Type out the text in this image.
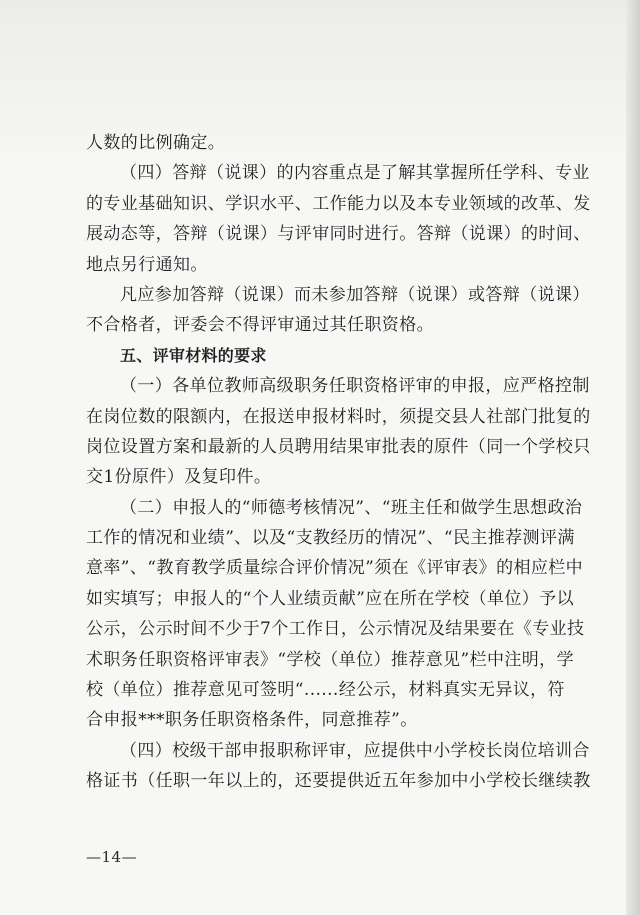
人数的比例确定。
（四）答辩（说课）的内容重点是了解其掌握所任学科、专业
的专业基础知识、学识水平、工作能力以及本专业领域的改革、发
展动态等，答辩（说课）与评审同时进行。答辩（说课）的时间、
地点另行通知。
凡应参加答辩（说课）而未参加答辩（说课）或答辩（说课）
不合格者，评委会不得评审通过其任职资格。
五、评审材料的要求
（一）各单位教师高级职务任职资格评审的申报，应严格控制
在岗位数的限额内，在报送申报材料时，须提交县人社部门批复的
岗位设置方案和最新的人员聘用结果审批表的原件（同一个学校只
交1份原件）及复印件。
（二）申报人的“师德考核情况”、“班主任和做学生思想政治
工作的情况和业绩”、以及“支教经历的情况”、“民主推荐测评满
意率”、“教育教学质量综合评价情况”须在《评审表》的相应栏中
如实填写；申报人的“个人业绩贡献”应在所在学校（单位）予以
公示，公示时间不少于7个工作日，公示情况及结果要在《专业技
术职务任职资格评审表》“学校（单位）推荐意见”栏中注明，学
校（单位）推荐意见可签明“......经公示，材料真实无异议，符
合申报***职务任职资格条件，同意推荐”。
（四）校级干部申报职称评审，应提供中小学校长岗位培训合
格证书（任职一年以上的，还要提供近五年参加中小学校长继续教
—14—
